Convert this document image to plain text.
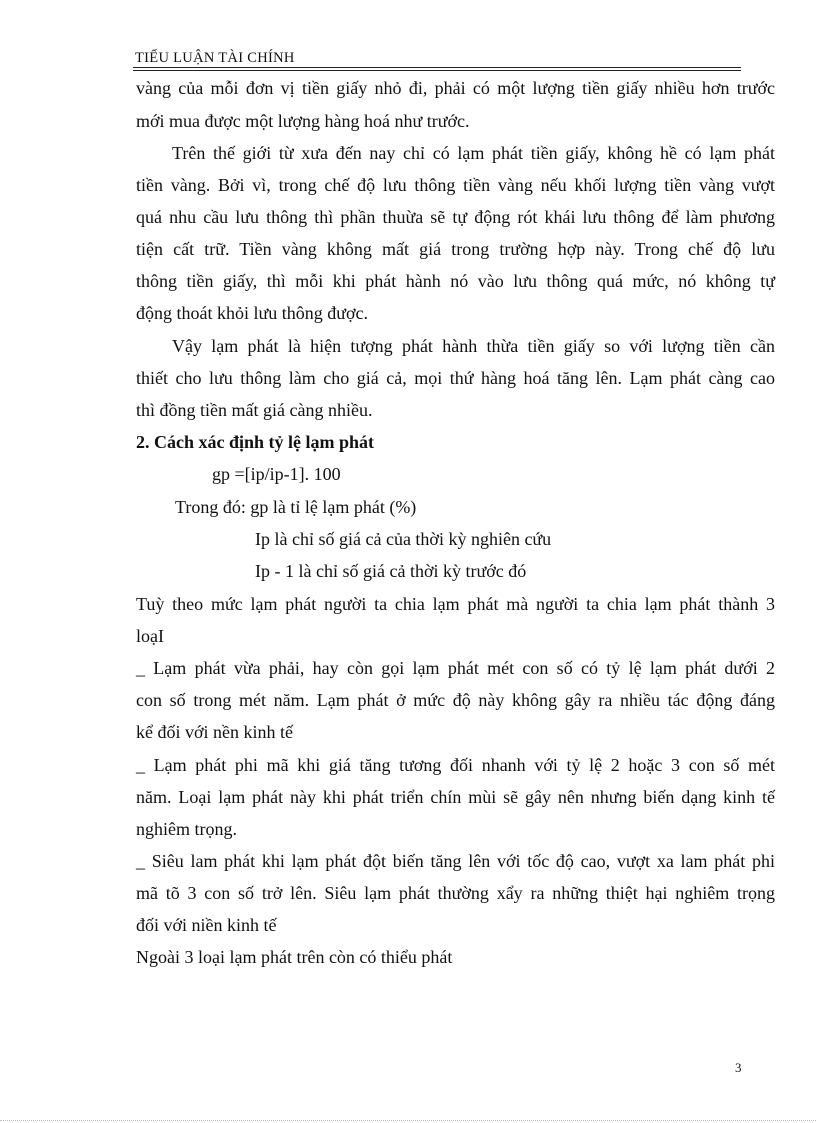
TIỂU LUẬN TÀI CHÍNH
vàng của mỗi đơn vị tiền giấy nhỏ đi, phải có một lượng tiền giấy nhiều hơn trước
mới mua được một lượng hàng hoá như trước.
Trên thế giới từ xưa đến nay chỉ có lạm phát tiền giấy, không hề có lạm phát
tiền vàng. Bởi vì, trong chế độ lưu thông tiền vàng nếu khối lượng tiền vàng vượt
quá nhu cầu lưu thông thì phần thuừa sẽ tự động rót khái lưu thông để làm phương
tiện cất trữ. Tiền vàng không mất giá trong trường hợp này. Trong chế độ lưu
thông tiền giấy, thì mỗi khi phát hành nó vào lưu thông quá mức, nó không tự
động thoát khỏi lưu thông được.
Vậy lạm phát là hiện tượng phát hành thừa tiền giấy so với lượng tiền cần
thiết cho lưu thông làm cho giá cả, mọi thứ hàng hoá tăng lên. Lạm phát càng cao
thì đồng tiền mất giá càng nhiều.
2. Cách xác định tỷ lệ lạm phát
gp =[ip/ip-1]. 100
Trong đó: gp là tỉ lệ lạm phát (%)
Ip là chỉ số giá cả của thời kỳ nghiên cứu
Ip - 1 là chỉ số giá cả thời kỳ trước đó
Tuỳ theo mức lạm phát người ta chia lạm phát mà người ta chia lạm phát thành 3
loạI
_ Lạm phát vừa phải, hay còn gọi lạm phát mét con số có tỷ lệ lạm phát dưới 2
con số trong mét năm. Lạm phát ở mức độ này không gây ra nhiều tác động đáng
kể đối với nền kinh tế
_ Lạm phát phi mã khi giá tăng tương đối nhanh với tỷ lệ 2 hoặc 3 con số mét
năm. Loại lạm phát này khi phát triển chín mùi sẽ gây nên nhưng biến dạng kinh tế
nghiêm trọng.
_ Siêu lam phát khi lạm phát đột biến tăng lên với tốc độ cao, vượt xa lam phát phi
mã tõ 3 con số trở lên. Siêu lạm phát thường xẩy ra những thiệt hại nghiêm trọng
đối với niền kinh tế
Ngoài 3 loại lạm phát trên còn có thiểu phát
3
